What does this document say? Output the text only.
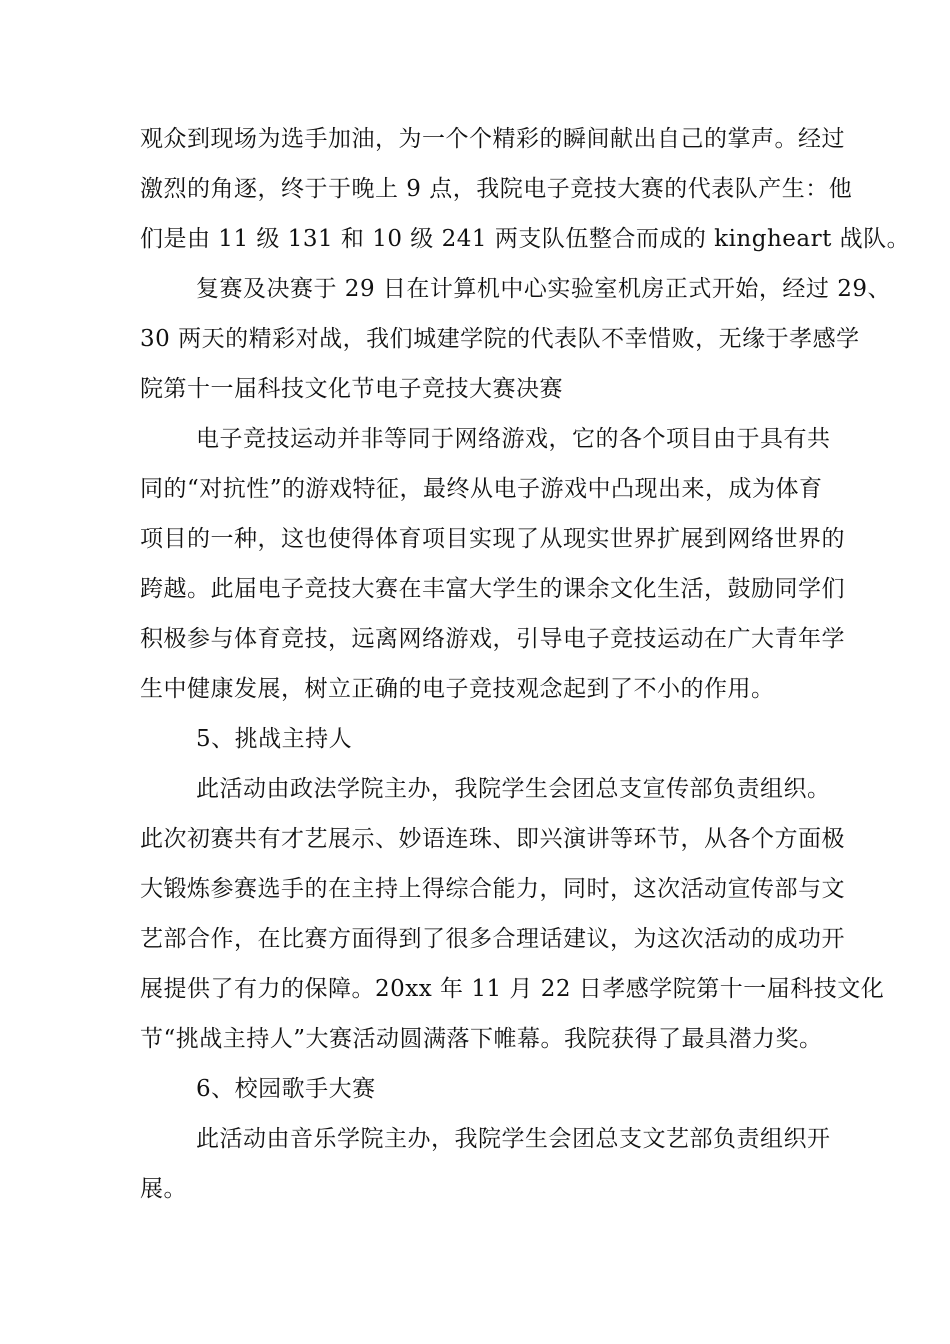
观众到现场为选手加油，为一个个精彩的瞬间献出自己的掌声。经过
激烈的角逐，终于于晚上 9 点，我院电子竞技大赛的代表队产生：他
们是由 11 级 131 和 10 级 241 两支队伍整合而成的 kingheart 战队。
复赛及决赛于 29 日在计算机中心实验室机房正式开始，经过 29、
30 两天的精彩对战，我们城建学院的代表队不幸惜败，无缘于孝感学
院第十一届科技文化节电子竞技大赛决赛
电子竞技运动并非等同于网络游戏，它的各个项目由于具有共
同的“对抗性”的游戏特征，最终从电子游戏中凸现出来，成为体育
项目的一种，这也使得体育项目实现了从现实世界扩展到网络世界的
跨越。此届电子竞技大赛在丰富大学生的课余文化生活，鼓励同学们
积极参与体育竞技，远离网络游戏，引导电子竞技运动在广大青年学
生中健康发展，树立正确的电子竞技观念起到了不小的作用。
5、挑战主持人
此活动由政法学院主办，我院学生会团总支宣传部负责组织。
此次初赛共有才艺展示、妙语连珠、即兴演讲等环节，从各个方面极
大锻炼参赛选手的在主持上得综合能力，同时，这次活动宣传部与文
艺部合作，在比赛方面得到了很多合理话建议，为这次活动的成功开
展提供了有力的保障。20xx 年 11 月 22 日孝感学院第十一届科技文化
节“挑战主持人”大赛活动圆满落下帷幕。我院获得了最具潜力奖。
6、校园歌手大赛
此活动由音乐学院主办，我院学生会团总支文艺部负责组织开
展。
